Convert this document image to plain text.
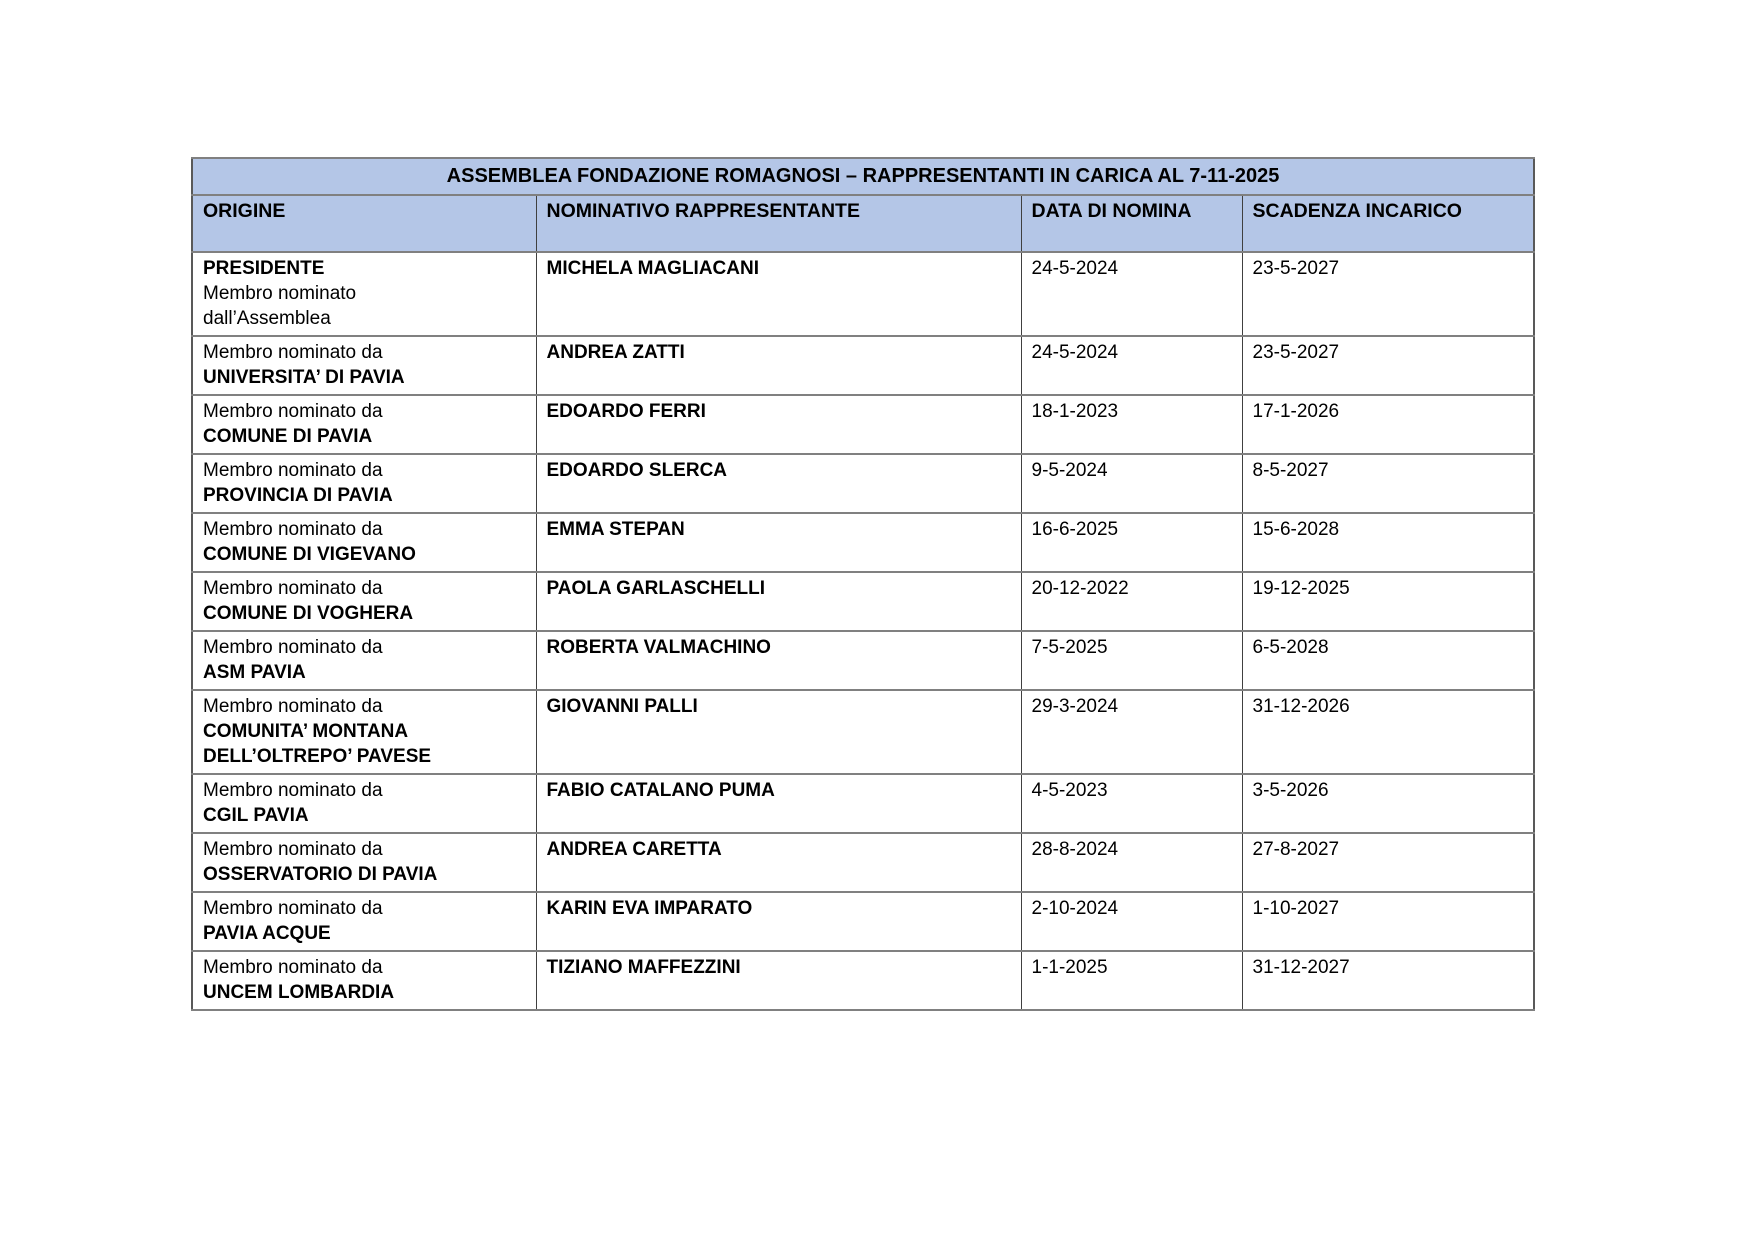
ASSEMBLEA FONDAZIONE ROMAGNOSI – RAPPRESENTANTI IN CARICA AL 7-11-2025			
ORIGINE	NOMINATIVO RAPPRESENTANTE	DATA DI NOMINA	SCADENZA INCARICO

PRESIDENTE
Membro nominato
dall’Assemblea	MICHELA MAGLIACANI	24-5-2024	23-5-2027

Membro nominato da
UNIVERSITA’ DI PAVIA	ANDREA ZATTI	24-5-2024	23-5-2027

Membro nominato da
COMUNE DI PAVIA	EDOARDO FERRI	18-1-2023	17-1-2026

Membro nominato da
PROVINCIA DI PAVIA	EDOARDO SLERCA	9-5-2024	8-5-2027

Membro nominato da
COMUNE DI VIGEVANO	EMMA STEPAN	16-6-2025	15-6-2028

Membro nominato da
COMUNE DI VOGHERA	PAOLA GARLASCHELLI	20-12-2022	19-12-2025

Membro nominato da
ASM PAVIA	ROBERTA VALMACHINO	7-5-2025	6-5-2028

Membro nominato da
COMUNITA’ MONTANA
DELL’OLTREPO’ PAVESE	GIOVANNI PALLI	29-3-2024	31-12-2026

Membro nominato da
CGIL PAVIA	FABIO CATALANO PUMA	4-5-2023	3-5-2026

Membro nominato da
OSSERVATORIO DI PAVIA	ANDREA CARETTA	28-8-2024	27-8-2027

Membro nominato da
PAVIA ACQUE	KARIN EVA IMPARATO	2-10-2024	1-10-2027

Membro nominato da
UNCEM LOMBARDIA	TIZIANO MAFFEZZINI	1-1-2025	31-12-2027
